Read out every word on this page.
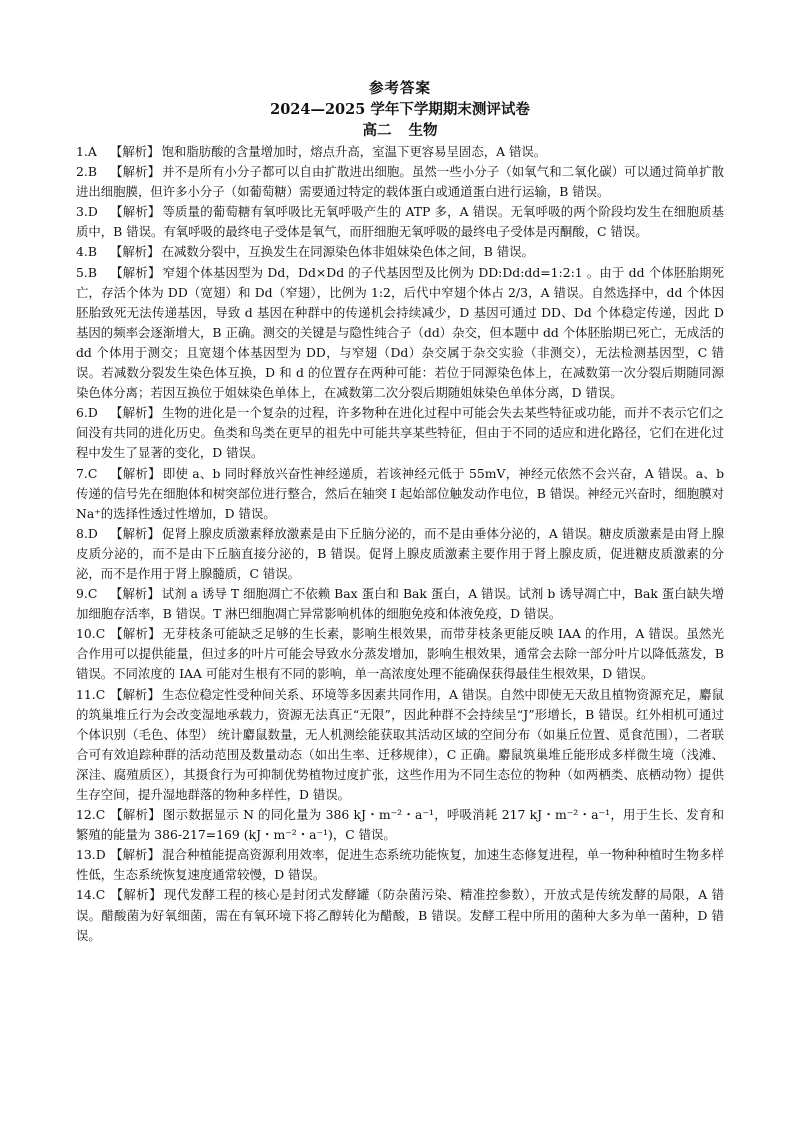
参考答案
2024—2025 学年下学期期末测评试卷
高二 生物
1.A 【解析】 饱和脂肪酸的含量增加时，熔点升高，室温下更容易呈固态，A 错误。
2.B 【解析】 并不是所有小分子都可以自由扩散进出细胞。虽然一些小分子（如氧气和二氧化碳）可以通过简单扩散进出细胞膜，但许多小分子（如葡萄糖）需要通过特定的载体蛋白或通道蛋白进行运输，B 错误。
3.D 【解析】 等质量的葡萄糖有氧呼吸比无氧呼吸产生的 ATP 多，A 错误。无氧呼吸的两个阶段均发生在细胞质基质中，B 错误。有氧呼吸的最终电子受体是氧气，而肝细胞无氧呼吸的最终电子受体是丙酮酸，C 错误。
4.B 【解析】 在减数分裂中，互换发生在同源染色体非姐妹染色体之间，B 错误。
5.B 【解析】 窄翅个体基因型为 Dd，Dd×Dd 的子代基因型及比例为 DD:Dd:dd=1:2:1 。由于 dd 个体胚胎期死亡，存活个体为 DD（宽翅）和 Dd（窄翅），比例为 1:2，后代中窄翅个体占 2/3，A 错误。自然选择中，dd 个体因胚胎致死无法传递基因，导致 d 基因在种群中的传递机会持续减少，D 基因可通过 DD、Dd 个体稳定传递，因此 D 基因的频率会逐渐增大，B 正确。测交的关键是与隐性纯合子（dd）杂交，但本题中 dd 个体胚胎期已死亡，无成活的 dd 个体用于测交；且宽翅个体基因型为 DD，与窄翅（Dd）杂交属于杂交实验（非测交），无法检测基因型，C 错误。若减数分裂发生染色体互换，D 和 d 的位置存在两种可能：若位于同源染色体上，在减数第一次分裂后期随同源染色体分离；若因互换位于姐妹染色单体上，在减数第二次分裂后期随姐妹染色单体分离，D 错误。
6.D 【解析】 生物的进化是一个复杂的过程，许多物种在进化过程中可能会失去某些特征或功能，而并不表示它们之间没有共同的进化历史。鱼类和鸟类在更早的祖先中可能共享某些特征，但由于不同的适应和进化路径，它们在进化过程中发生了显著的变化，D 错误。
7.C 【解析】 即使 a、b 同时释放兴奋性神经递质，若该神经元低于 55mV，神经元依然不会兴奋，A 错误。a、b 传递的信号先在细胞体和树突部位进行整合，然后在轴突 I 起始部位触发动作电位，B 错误。神经元兴奋时，细胞膜对 Na⁺的选择性透过性增加，D 错误。
8.D 【解析】 促肾上腺皮质激素释放激素是由下丘脑分泌的，而不是由垂体分泌的，A 错误。糖皮质激素是由肾上腺皮质分泌的，而不是由下丘脑直接分泌的，B 错误。促肾上腺皮质激素主要作用于肾上腺皮质，促进糖皮质激素的分泌，而不是作用于肾上腺髓质，C 错误。
9.C 【解析】 试剂 a 诱导 T 细胞凋亡不依赖 Bax 蛋白和 Bak 蛋白，A 错误。试剂 b 诱导凋亡中，Bak 蛋白缺失增加细胞存活率，B 错误。T 淋巴细胞凋亡异常影响机体的细胞免疫和体液免疫，D 错误。
10.C 【解析】 无芽枝条可能缺乏足够的生长素，影响生根效果，而带芽枝条更能反映 IAA 的作用，A 错误。虽然光合作用可以提供能量，但过多的叶片可能会导致水分蒸发增加，影响生根效果，通常会去除一部分叶片以降低蒸发，B 错误。不同浓度的 IAA 可能对生根有不同的影响，单一高浓度处理不能确保获得最佳生根效果，D 错误。
11.C 【解析】 生态位稳定性受种间关系、环境等多因素共同作用，A 错误。自然中即使无天敌且植物资源充足，麝鼠的筑巢堆丘行为会改变湿地承载力，资源无法真正“无限”，因此种群不会持续呈“J”形增长，B 错误。红外相机可通过个体识别（毛色、体型） 统计麝鼠数量，无人机测绘能获取其活动区域的空间分布（如巢丘位置、觅食范围），二者联合可有效追踪种群的活动范围及数量动态（如出生率、迁移规律），C 正确。麝鼠筑巢堆丘能形成多样微生境（浅滩、深洼、腐殖质区），其摄食行为可抑制优势植物过度扩张，这些作用为不同生态位的物种（如两栖类、底栖动物）提供生存空间，提升湿地群落的物种多样性，D 错误。
12.C 【解析】 图示数据显示 N 的同化量为 386 kJ・m⁻²・a⁻¹，呼吸消耗 217 kJ・m⁻²・a⁻¹，用于生长、发育和繁殖的能量为 386-217=169 (kJ・m⁻²・a⁻¹)，C 错误。
13.D 【解析】 混合种植能提高资源利用效率，促进生态系统功能恢复，加速生态修复进程，单一物种种植时生物多样性低，生态系统恢复速度通常较慢，D 错误。
14.C 【解析】 现代发酵工程的核心是封闭式发酵罐（防杂菌污染、精准控参数），开放式是传统发酵的局限，A 错误。醋酸菌为好氧细菌，需在有氧环境下将乙醇转化为醋酸，B 错误。发酵工程中所用的菌种大多为单一菌种，D 错误。
